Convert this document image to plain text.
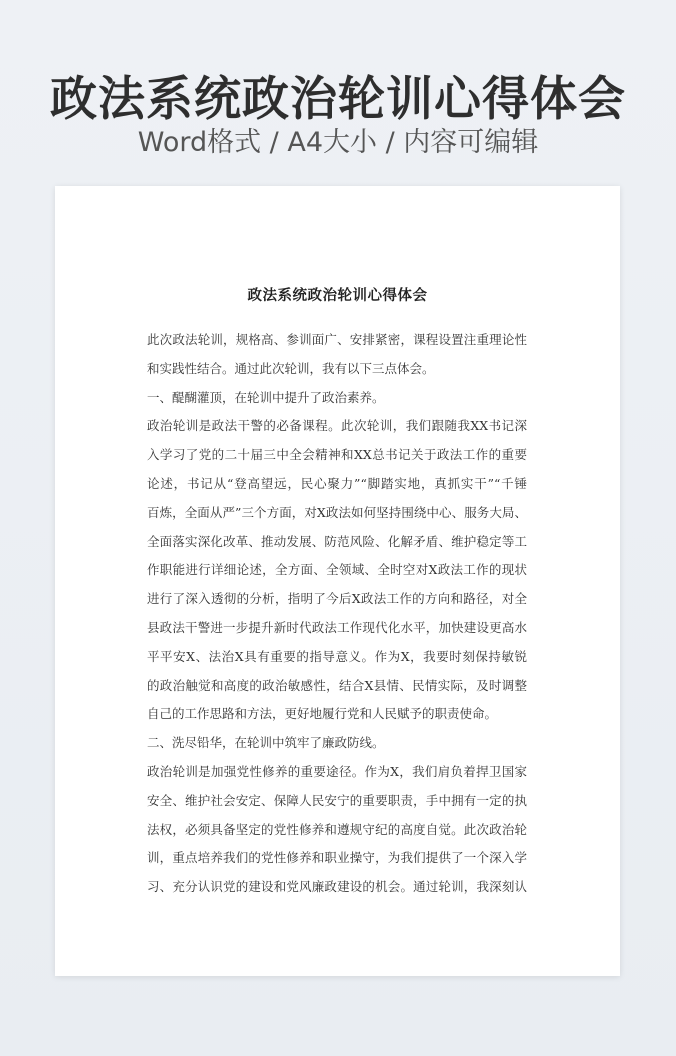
政法系统政治轮训心得体会
Word格式 / A4大小 / 内容可编辑
政法系统政治轮训心得体会
此次政法轮训，规格高、参训面广、安排紧密，课程设置注重理论性
和实践性结合。通过此次轮训，我有以下三点体会。
一、醍醐灌顶，在轮训中提升了政治素养。
政治轮训是政法干警的必备课程。此次轮训，我们跟随我XX书记深
入学习了党的二十届三中全会精神和XX总书记关于政法工作的重要
论述，书记从“登高望远，民心聚力”“脚踏实地，真抓实干”“千锤
百炼，全面从严”三个方面，对X政法如何坚持围绕中心、服务大局、
全面落实深化改革、推动发展、防范风险、化解矛盾、维护稳定等工
作职能进行详细论述，全方面、全领域、全时空对X政法工作的现状
进行了深入透彻的分析，指明了今后X政法工作的方向和路径，对全
县政法干警进一步提升新时代政法工作现代化水平，加快建设更高水
平平安X、法治X具有重要的指导意义。作为X，我要时刻保持敏锐
的政治触觉和高度的政治敏感性，结合X县情、民情实际，及时调整
自己的工作思路和方法，更好地履行党和人民赋予的职责使命。
二、洗尽铅华，在轮训中筑牢了廉政防线。
政治轮训是加强党性修养的重要途径。作为X，我们肩负着捍卫国家
安全、维护社会安定、保障人民安宁的重要职责，手中拥有一定的执
法权，必须具备坚定的党性修养和遵规守纪的高度自觉。此次政治轮
训，重点培养我们的党性修养和职业操守，为我们提供了一个深入学
习、充分认识党的建设和党风廉政建设的机会。通过轮训，我深刻认
